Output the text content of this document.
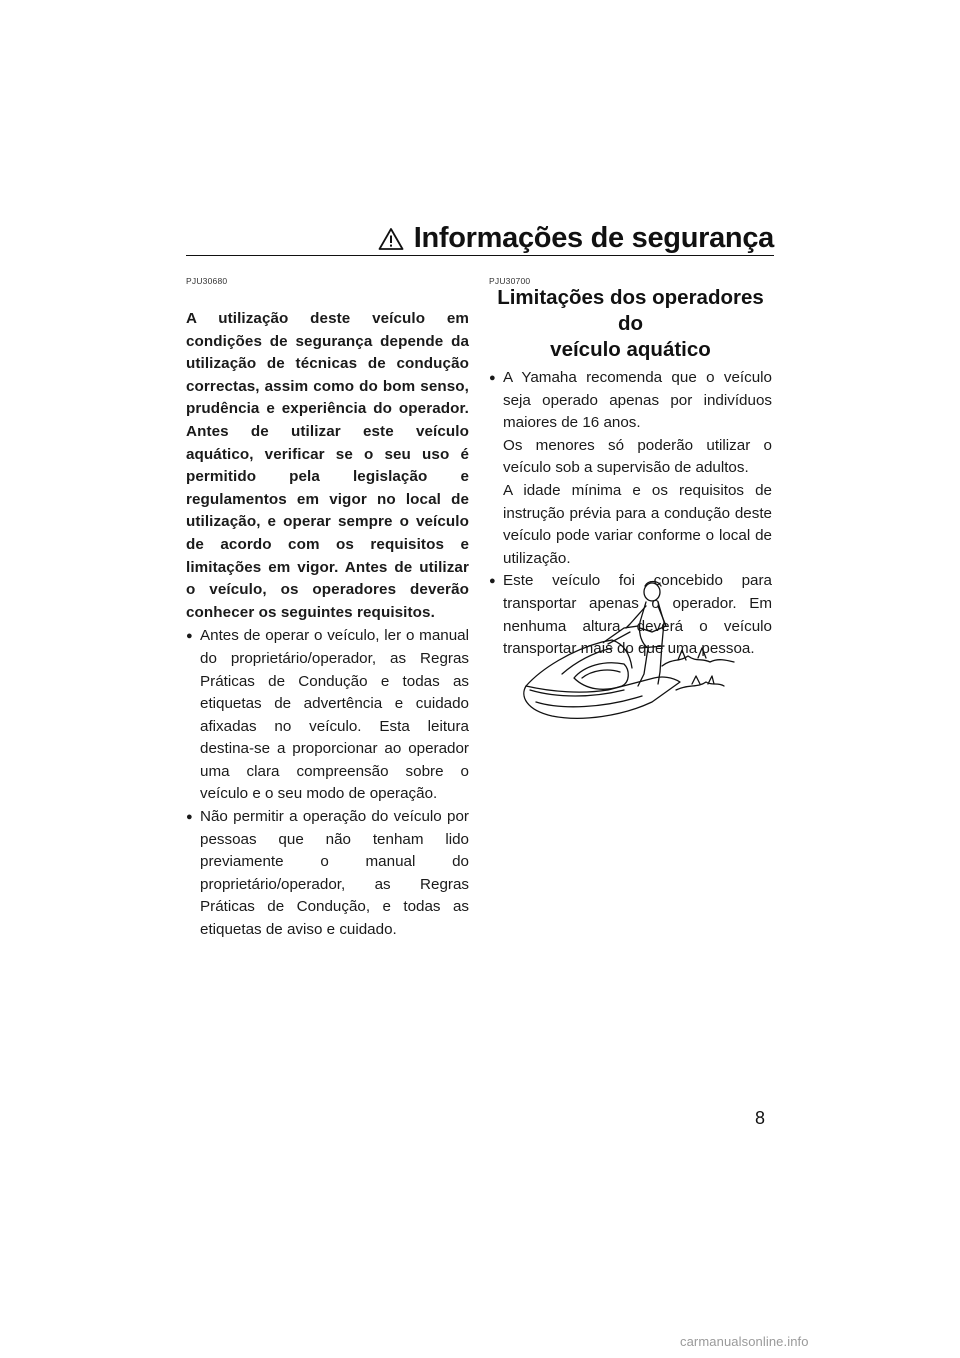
Informações de segurança
PJU30680
A utilização deste veículo em condições de segurança depende da utilização de técnicas de condução correctas, assim como do bom senso, prudência e experiência do operador. Antes de utilizar este veículo aquático, verificar se o seu uso é permitido pela legislação e regulamentos em vigor no local de utilização, e operar sempre o veículo de acordo com os requisitos e limitações em vigor. Antes de utilizar o veículo, os operadores deverão conhecer os seguintes requisitos.
● Antes de operar o veículo, ler o manual do proprietário/operador, as Regras Práticas de Condução e todas as etiquetas de advertência e cuidado afixadas no veículo. Esta leitura destina-se a proporcionar ao operador uma clara compreensão sobre o veículo e o seu modo de operação.

● Não permitir a operação do veículo por pessoas que não tenham lido previamente o manual do proprietário/operador, as Regras Práticas de Condução, e todas as etiquetas de aviso e cuidado.

PJU30700
Limitações dos operadores do
veículo aquático
● A Yamaha recomenda que o veículo seja operado apenas por indivíduos maiores de 16 anos.

Os menores só poderão utilizar o veículo sob a supervisão de adultos.

A idade mínima e os requisitos de instrução prévia para a condução deste veículo pode variar conforme o local de utilização.

● Este veículo foi concebido para transportar apenas o operador. Em nenhuma altura deverá o veículo transportar mais do que uma pessoa.

8
carmanualsonline.info
